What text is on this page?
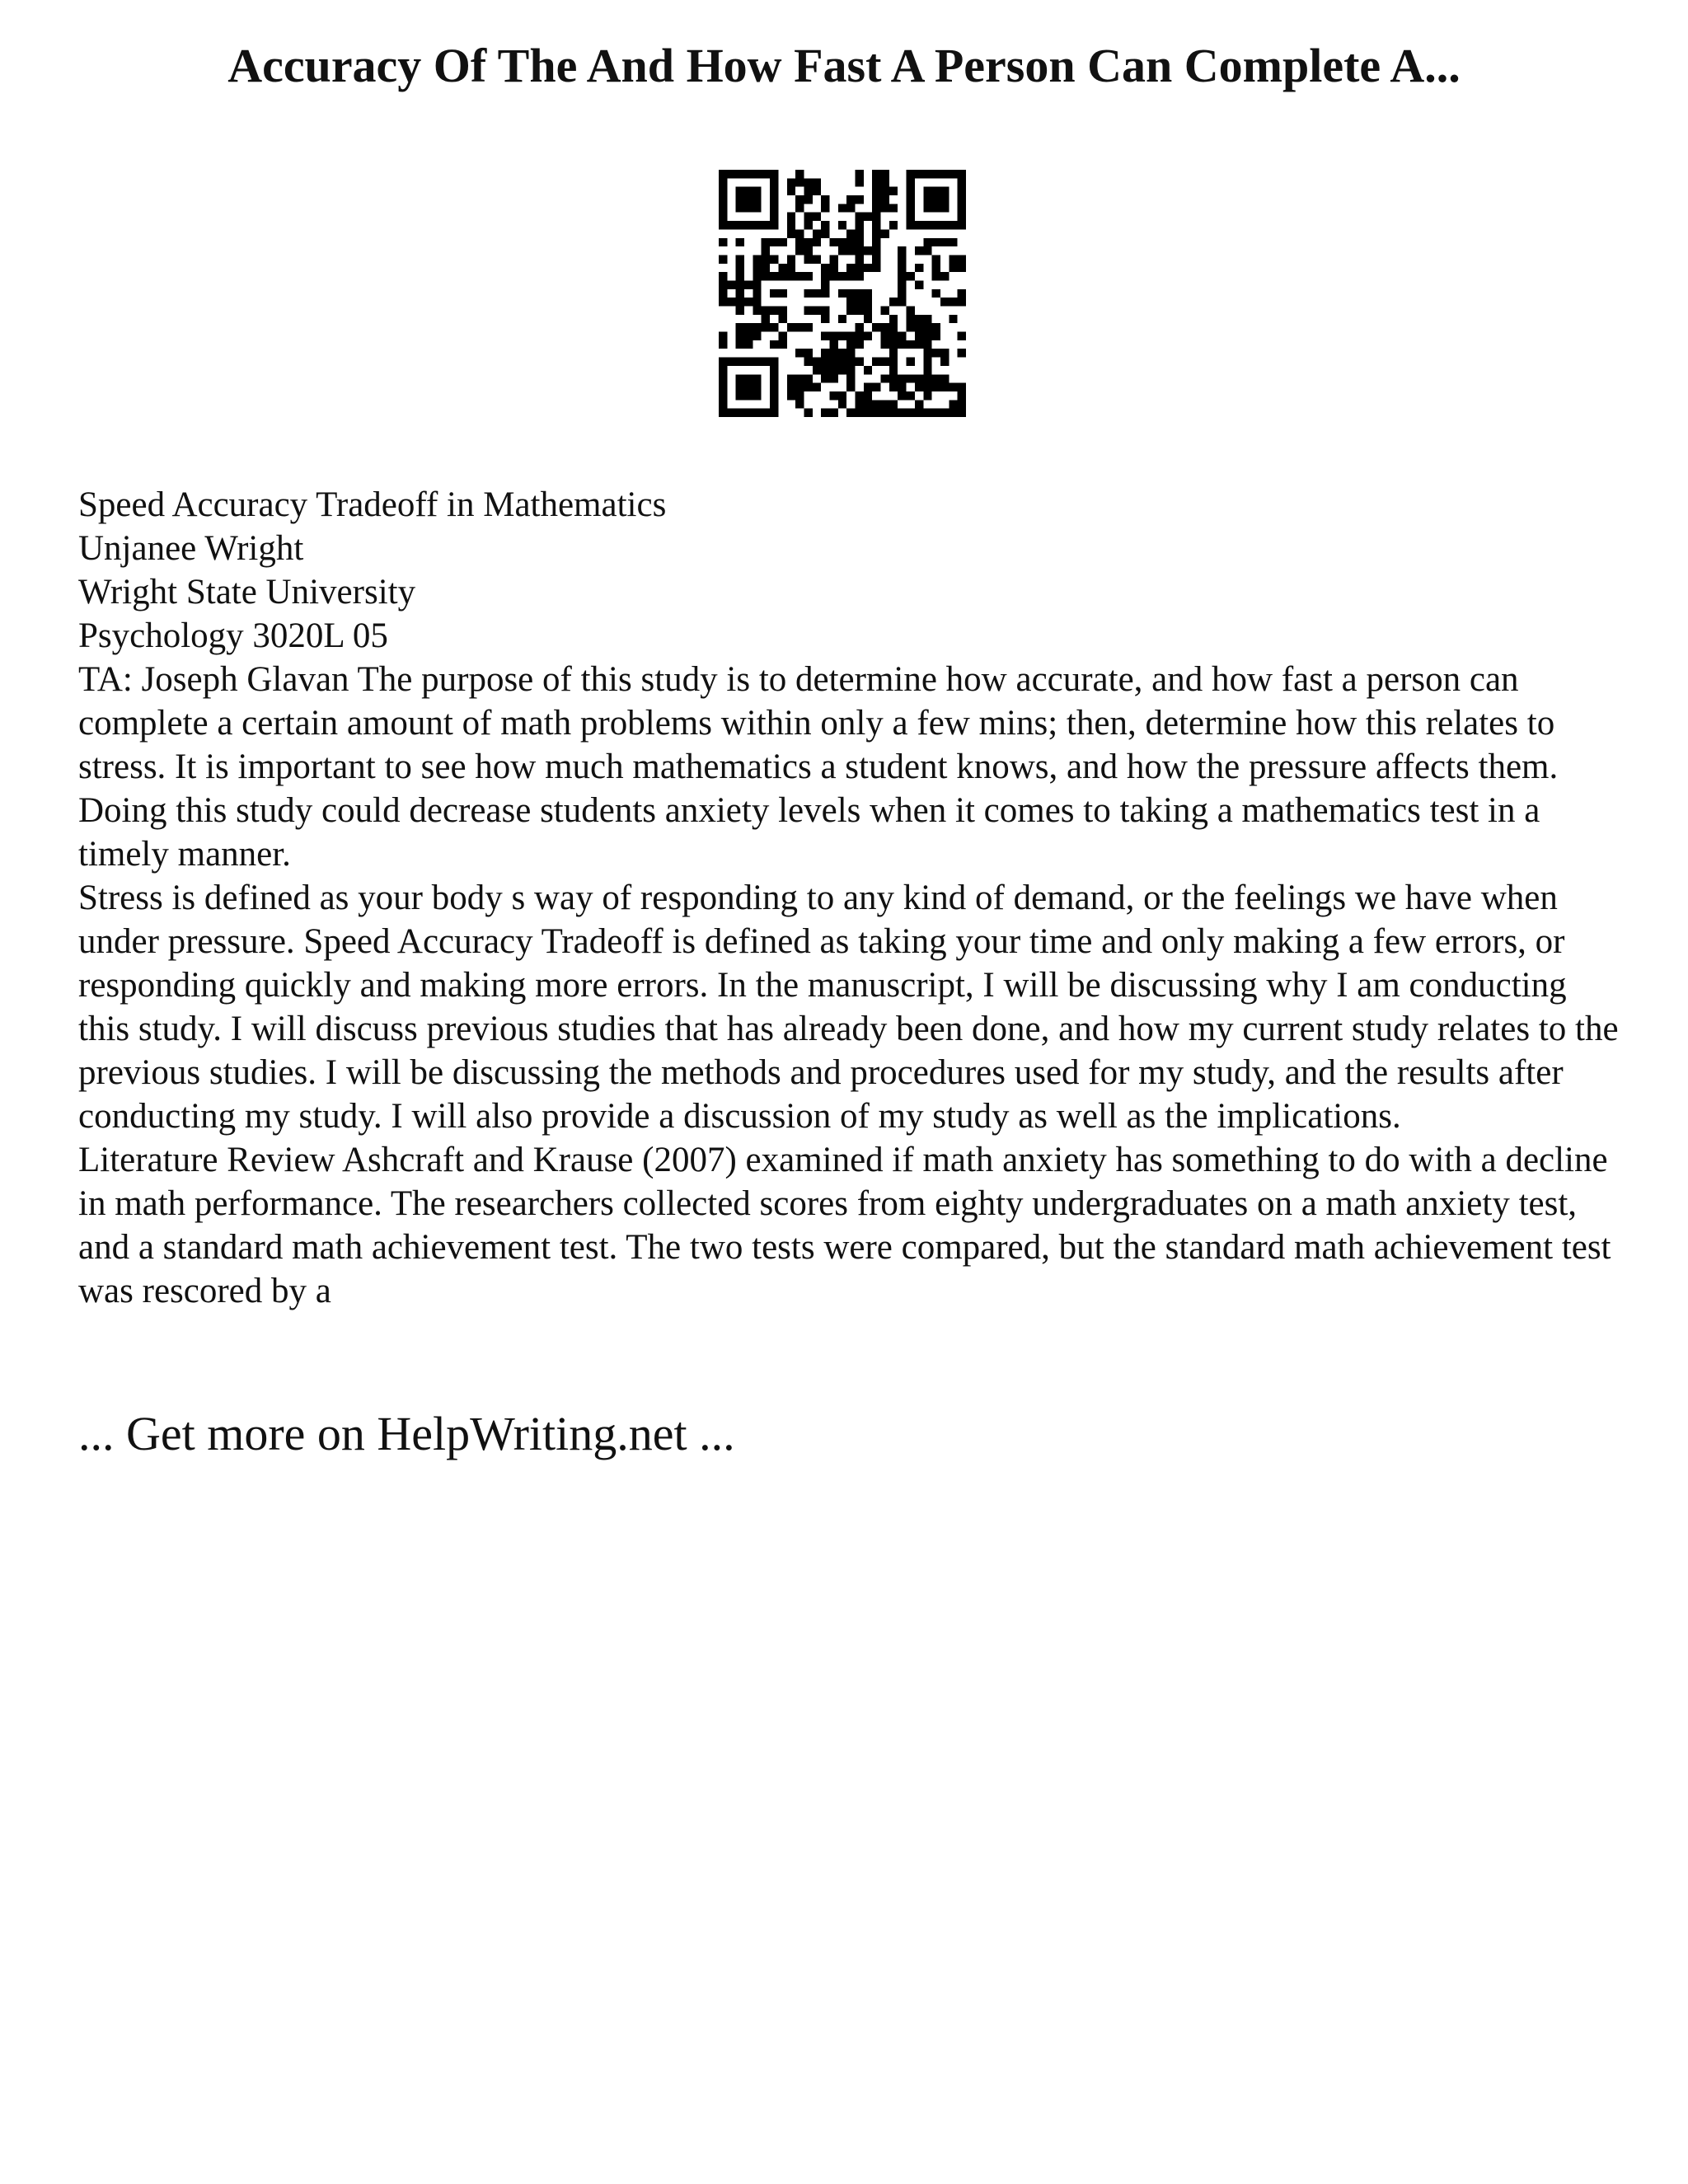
Accuracy Of The And How Fast A Person Can Complete A...
Speed Accuracy Tradeoff in Mathematics
Unjanee Wright
Wright State University
Psychology 3020L 05

TA: Joseph Glavan The purpose of this study is to determine how accurate, and how fast a person can complete a certain amount of math problems within only a few mins; then, determine how this relates to stress. It is important to see how much mathematics a student knows, and how the pressure affects them. Doing this study could decrease students anxiety levels when it comes to taking a mathematics test in a timely manner.

Stress is defined as your body s way of responding to any kind of demand, or the feelings we have when under pressure. Speed Accuracy Tradeoff is defined as taking your time and only making a few errors, or responding quickly and making more errors. In the manuscript, I will be discussing why I am conducting this study. I will discuss previous studies that has already been done, and how my current study relates to the previous studies. I will be discussing the methods and procedures used for my study, and the results after conducting my study. I will also provide a discussion of my study as well as the implications.

Literature Review Ashcraft and Krause (2007) examined if math anxiety has something to do with a decline in math performance. The researchers collected scores from eighty undergraduates on a math anxiety test, and a standard math achievement test. The two tests were compared, but the standard math achievement test was rescored by a

... Get more on HelpWriting.net ...
